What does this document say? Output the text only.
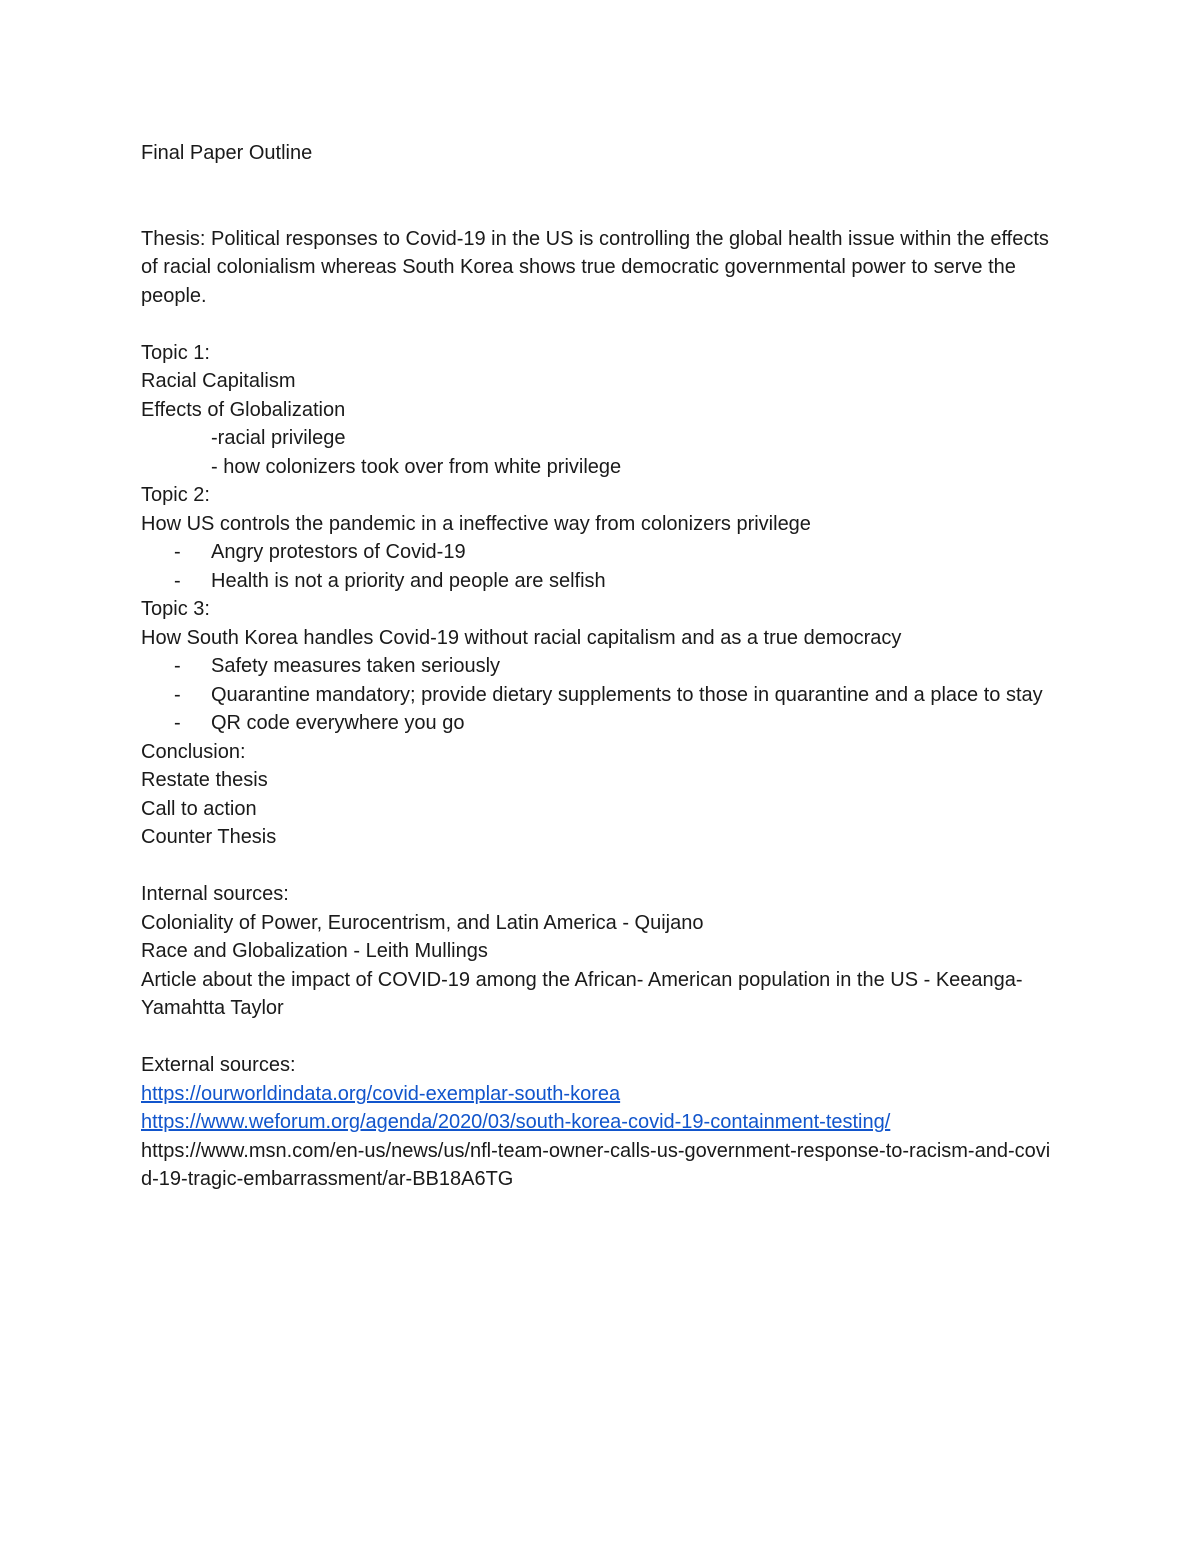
Final Paper Outline
Thesis: Political responses to Covid-19 in the US is controlling the global health issue within the effects of racial colonialism whereas South Korea shows true democratic governmental power to serve the people.
Topic 1:
Racial Capitalism
Effects of Globalization
-racial privilege
- how colonizers took over from white privilege
Topic 2:
How US controls the pandemic in a ineffective way from colonizers privilege
-	Angry protestors of Covid-19
-	Health is not a priority and people are selfish
Topic 3:
How South Korea handles Covid-19 without racial capitalism and as a true democracy
-	Safety measures taken seriously
-	Quarantine mandatory; provide dietary supplements to those in quarantine and a place to stay
-	QR code everywhere you go
Conclusion:
Restate thesis
Call to action
Counter Thesis
Internal sources:
Coloniality of Power, Eurocentrism, and Latin America - Quijano
Race and Globalization - Leith Mullings
Article about the impact of COVID-19 among the African- American population in the US - Keeanga- Yamahtta Taylor
External sources:
https://ourworldindata.org/covid-exemplar-south-korea
https://www.weforum.org/agenda/2020/03/south-korea-covid-19-containment-testing/
https://www.msn.com/en-us/news/us/nfl-team-owner-calls-us-government-response-to-racism-and-covid-19-tragic-embarrassment/ar-BB18A6TG
